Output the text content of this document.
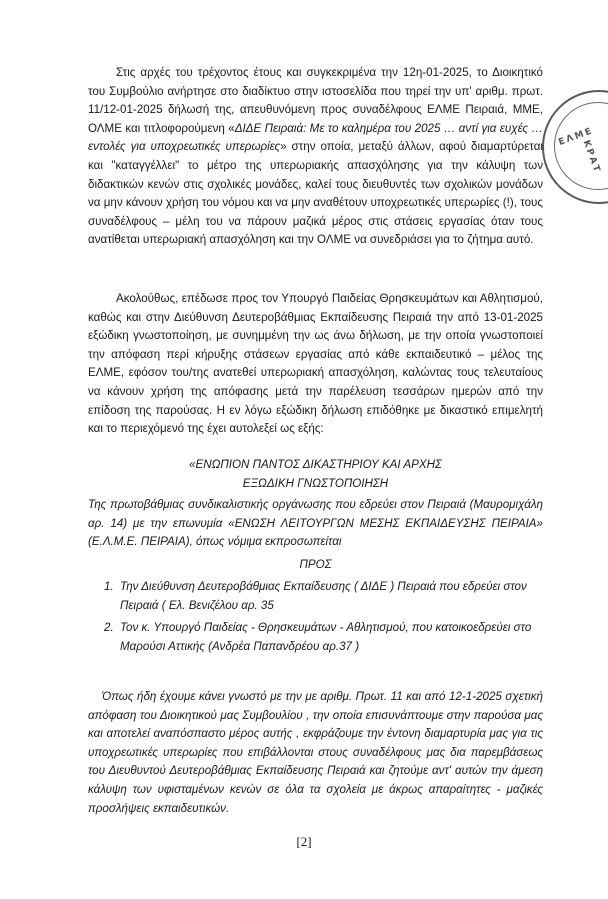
ΕΛΜΕ
ΚΡΑΤ

Στις αρχές του τρέχοντος έτους και συγκεκριμένα την 12η-01-2025, το Διοικητικό του Συμβούλιο ανήρτησε στο διαδίκτυο στην ιστοσελίδα που τηρεί την υπ' αριθμ. πρωτ. 11/12-01-2025 δήλωσή της, απευθυνόμενη προς συναδέλφους ΕΛΜΕ Πειραιά, ΜΜΕ, ΟΛΜΕ και τιτλοφορούμενη «ΔΙΔΕ Πειραιά: Με το καλημέρα του 2025 … αντί για ευχές … εντολές για υποχρεωτικές υπερωρίες» στην οποία, μεταξύ άλλων, αφού διαμαρτύρεται και "καταγγέλλει" το μέτρο της υπερωριακής απασχόλησης για την κάλυψη των διδακτικών κενών στις σχολικές μονάδες, καλεί τους διευθυντές των σχολικών μονάδων να μην κάνουν χρήση του νόμου και να μην αναθέτουν υποχρεωτικές υπερωρίες (!), τους συναδέλφους – μέλη του να πάρουν μαζικά μέρος στις στάσεις εργασίας όταν τους ανατίθεται υπερωριακή απασχόληση και την ΟΛΜΕ να συνεδριάσει για το ζήτημα αυτό.

Ακολούθως, επέδωσε προς τον Υπουργό Παιδείας Θρησκευμάτων και Αθλητισμού, καθώς και στην Διεύθυνση Δευτεροβάθμιας Εκπαίδευσης Πειραιά την από 13-01-2025 εξώδικη γνωστοποίηση, με συνημμένη την ως άνω δήλωση, με την οποία γνωστοποιεί την απόφαση περί κήρυξης στάσεων εργασίας από κάθε εκπαιδευτικό – μέλος της ΕΛΜΕ, εφόσον του/της ανατεθεί υπερωριακή απασχόληση, καλώντας τους τελευταίους να κάνουν χρήση της απόφασης μετά την παρέλευση τεσσάρων ημερών από την επίδοση της παρούσας. Η εν λόγω εξώδικη δήλωση επιδόθηκε με δικαστικό επιμελητή και το περιεχόμενό της έχει αυτολεξεί ως εξής:

«ΕΝΩΠΙΟΝ ΠΑΝΤΟΣ ΔΙΚΑΣΤΗΡΙΟΥ ΚΑΙ ΑΡΧΗΣ
ΕΞΩΔΙΚΗ ΓΝΩΣΤΟΠΟΙΗΣΗ

Της πρωτοβάθμιας συνδικαλιστικής οργάνωσης που εδρεύει στον Πειραιά (Μαυρομιχάλη αρ. 14) με την επωνυμία «ΕΝΩΣΗ ΛΕΙΤΟΥΡΓΩΝ ΜΕΣΗΣ ΕΚΠΑΙΔΕΥΣΗΣ ΠΕΙΡΑΙΑ» (Ε.Λ.Μ.Ε. ΠΕΙΡΑΙΑ), όπως νόμιμα εκπροσωπείται

ΠΡΟΣ
1. Την Διεύθυνση Δευτεροβάθμιας Εκπαίδευσης ( ΔΙΔΕ ) Πειραιά που εδρεύει στον Πειραιά ( Ελ. Βενιζέλου αρ. 35
2. Τον κ. Υπουργό Παιδείας - Θρησκευμάτων - Αθλητισμού, που κατοικοεδρεύει στο Μαρούσι Αττικής (Ανδρέα Παπανδρέου αρ.37 )

Όπως ήδη έχουμε κάνει γνωστό με την με αριθμ. Πρωτ. 11 και από 12-1-2025 σχετική απόφαση του Διοικητικού μας Συμβουλίου , την οποία επισυνάπτουμε στην παρούσα μας και αποτελεί αναπόσπαστο μέρος αυτής , εκφράζουμε την έντονη διαμαρτυρία μας για τις υποχρεωτικές υπερωρίες που επιβάλλονται στους συναδέλφους μας δια παρεμβάσεως του Διευθυντού Δευτεροβάθμιας Εκπαίδευσης Πειραιά και ζητούμε αντ' αυτών την άμεση κάλυψη των υφισταμένων κενών σε όλα τα σχολεία με άκρως απαραίτητες - μαζικές προσλήψεις εκπαιδευτικών.

[2]
